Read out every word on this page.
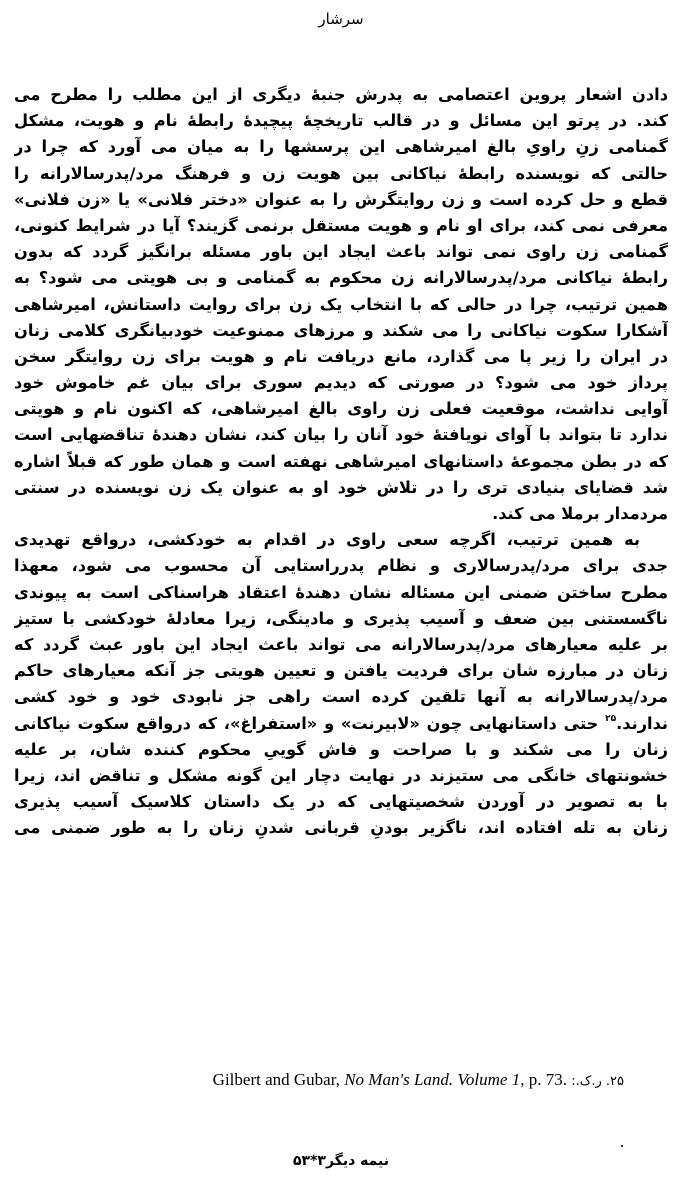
سرشار
دادن اشعار پروین اعتصامی به پدرش جنبهٔ دیگری از این مطلب را مطرح می
کند. در پرتو این مسائل و در قالب تاریخچهٔ پیچیدهٔ رابطهٔ نام و هویت، مشکل
گمنامی زنِ راویِ بالغ امیرشاهی این پرسشها را به میان می آورد که چرا در
حالتی که نویسنده رابطهٔ نیاکانی بین هویت زن و فرهنگ مرد/پدرسالارانه را
قطع و حل کرده است و زن روایتگرش را به عنوان «دختر فلانی» یا «زن فلانی»
معرفی نمی کند، برای او نام و هویت مستقل برنمی گزیند؟ آیا در شرایط کنونی،
گمنامی زن راوی نمی تواند باعث ایجاد این باور مسئله برانگیز گردد که بدون
رابطهٔ نیاکانی مرد/پدرسالارانه زن محکوم به گمنامی و بی هویتی می شود؟ به
همین ترتیب، چرا در حالی که با انتخاب یک زن برای روایت داستانش، امیرشاهی
آشکارا سکوت نیاکانی را می شکند و مرزهای ممنوعیت خودبیانگری کلامی زنان
در ایران را زیر پا می گذارد، مانع دریافت نام و هویت برای زن روایتگر سخن
پرداز خود می شود؟ در صورتی که دیدیم سوری برای بیان غم خاموش خود
آوایی نداشت، موقعیت فعلی زن راوی بالغ امیرشاهی، که اکنون نام و هویتی
ندارد تا بتواند با آوای نویافتهٔ خود آنان را بیان کند، نشان دهندهٔ تناقضهایی است
که در بطن مجموعهٔ داستانهای امیرشاهی نهفته است و همان طور که قبلاً اشاره
شد قضایای بنیادی تری را در تلاش خود او به عنوان یک زن نویسنده در سنتی
مردمدار برملا می کند.
به همین ترتیب، اگرچه سعی راوی در اقدام به خودکشی، درواقع تهدیدی
جدی برای مرد/پدرسالاری و نظام پدرراستایی آن محسوب می شود، معهذا
مطرح ساختن ضمنی این مسئاله نشان دهندهٔ اعتقاد هراسناکی است به پیوندی
ناگسستنی بین ضعف و آسیب پذیری و مادینگی، زیرا معادلهٔ خودکشی با ستیز
بر علیه معیارهای مرد/پدرسالارانه می تواند باعث ایجاد این باور عبث گردد که
زنان در مبارزه شان برای فردیت یافتن و تعیین هویتی جز آنکه معیارهای حاکم
مرد/پدرسالارانه به آنها تلقین کرده است راهی جز نابودی خود و خود کشی
ندارند.$^{۲۵}$ حتی داستانهایی چون «لابیرنت» و «استفراغ»، که درواقع سکوت نیاکانی
زنان را می شکند و با صراحت و فاش گوییِ محکوم کننده شان، بر علیه
خشونتهای خانگی می ستیزند در نهایت دچار این گونه مشکل و تناقض اند، زیرا
با به تصویر در آوردن شخصیتهایی که در یک داستان کلاسیک آسیب پذیری
زنان به تله افتاده اند، ناگزیر بودنِ قربانی شدنِ زنان را به طور ضمنی می
Gilbert and Gubar, No Man's Land. Volume 1, p. 73. ۲۵. ر.ک.:
نیمه دیگر۳*۵۳
